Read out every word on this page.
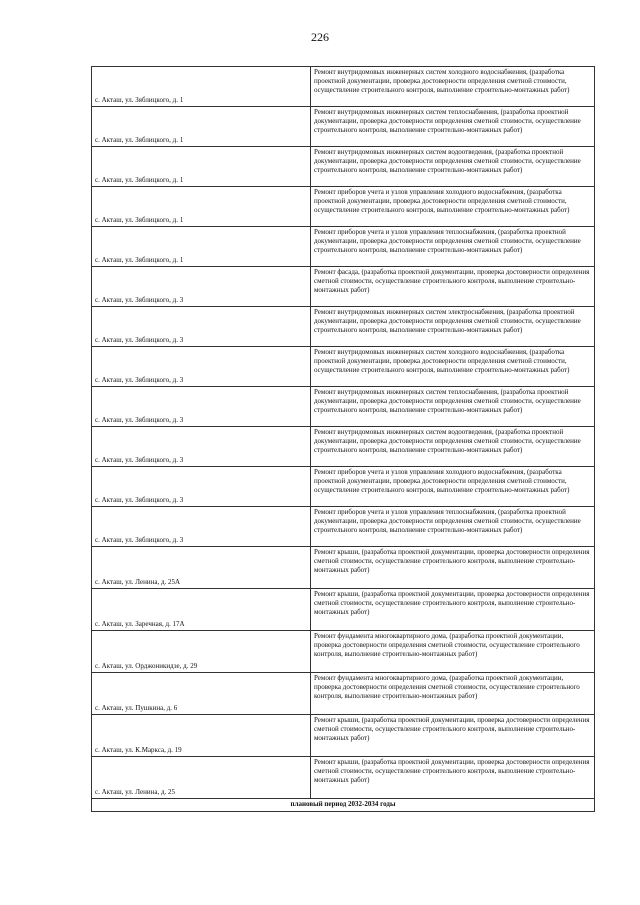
226
с. Акташ, ул. Зяблицкого, д. 1	Ремонт внутридомовых инженерных систем холодного водоснабжения, (разработка проектной документации, проверка достоверности определения сметной стоимости, осуществление строительного контроля, выполнение строительно-монтажных работ)
с. Акташ, ул. Зяблицкого, д. 1	Ремонт внутридомовых инженерных систем теплоснабжения, (разработка проектной документации, проверка достоверности определения сметной стоимости, осуществление строительного контроля, выполнение строительно-монтажных работ)
с. Акташ, ул. Зяблицкого, д. 1	Ремонт внутридомовых инженерных систем водоотведения, (разработка проектной документации, проверка достоверности определения сметной стоимости, осуществление строительного контроля, выполнение строительно-монтажных работ)
с. Акташ, ул. Зяблицкого, д. 1	Ремонт приборов учета и узлов управления холодного водоснабжения, (разработка проектной документации, проверка достоверности определения сметной стоимости, осуществление строительного контроля, выполнение строительно-монтажных работ)
с. Акташ, ул. Зяблицкого, д. 1	Ремонт приборов учета и узлов управления теплоснабжения, (разработка проектной документации, проверка достоверности определения сметной стоимости, осуществление строительного контроля, выполнение строительно-монтажных работ)
с. Акташ, ул. Зяблицкого, д. 3	Ремонт фасада, (разработка проектной документации, проверка достоверности определения сметной стоимости, осуществление строительного контроля, выполнение строительно-монтажных работ)
с. Акташ, ул. Зяблицкого, д. 3	Ремонт внутридомовых инженерных систем электроснабжения, (разработка проектной документации, проверка достоверности определения сметной стоимости, осуществление строительного контроля, выполнение строительно-монтажных работ)
с. Акташ, ул. Зяблицкого, д. 3	Ремонт внутридомовых инженерных систем холодного водоснабжения, (разработка проектной документации, проверка достоверности определения сметной стоимости, осуществление строительного контроля, выполнение строительно-монтажных работ)
с. Акташ, ул. Зяблицкого, д. 3	Ремонт внутридомовых инженерных систем теплоснабжения, (разработка проектной документации, проверка достоверности определения сметной стоимости, осуществление строительного контроля, выполнение строительно-монтажных работ)
с. Акташ, ул. Зяблицкого, д. 3	Ремонт внутридомовых инженерных систем водоотведения, (разработка проектной документации, проверка достоверности определения сметной стоимости, осуществление строительного контроля, выполнение строительно-монтажных работ)
с. Акташ, ул. Зяблицкого, д. 3	Ремонт приборов учета и узлов управления холодного водоснабжения, (разработка проектной документации, проверка достоверности определения сметной стоимости, осуществление строительного контроля, выполнение строительно-монтажных работ)
с. Акташ, ул. Зяблицкого, д. 3	Ремонт приборов учета и узлов управления теплоснабжения, (разработка проектной документации, проверка достоверности определения сметной стоимости, осуществление строительного контроля, выполнение строительно-монтажных работ)
с. Акташ, ул. Ленина, д. 25А	Ремонт крыши, (разработка проектной документации, проверка достоверности определения сметной стоимости, осуществление строительного контроля, выполнение строительно-монтажных работ)
с. Акташ, ул. Заречная, д. 17А	Ремонт крыши, (разработка проектной документации, проверка достоверности определения сметной стоимости, осуществление строительного контроля, выполнение строительно-монтажных работ)
с. Акташ, ул. Орджоникидзе, д. 29	Ремонт фундамента многоквартирного дома, (разработка проектной документации, проверка достоверности определения сметной стоимости, осуществление строительного контроля, выполнение строительно-монтажных работ)
с. Акташ, ул. Пушкина, д. 6	Ремонт фундамента многоквартирного дома, (разработка проектной документации, проверка достоверности определения сметной стоимости, осуществление строительного контроля, выполнение строительно-монтажных работ)
с. Акташ, ул. К.Маркса, д. 19	Ремонт крыши, (разработка проектной документации, проверка достоверности определения сметной стоимости, осуществление строительного контроля, выполнение строительно-монтажных работ)
с. Акташ, ул. Ленина, д. 25	Ремонт крыши, (разработка проектной документации, проверка достоверности определения сметной стоимости, осуществление строительного контроля, выполнение строительно-монтажных работ)
плановый период 2032-2034 годы	
